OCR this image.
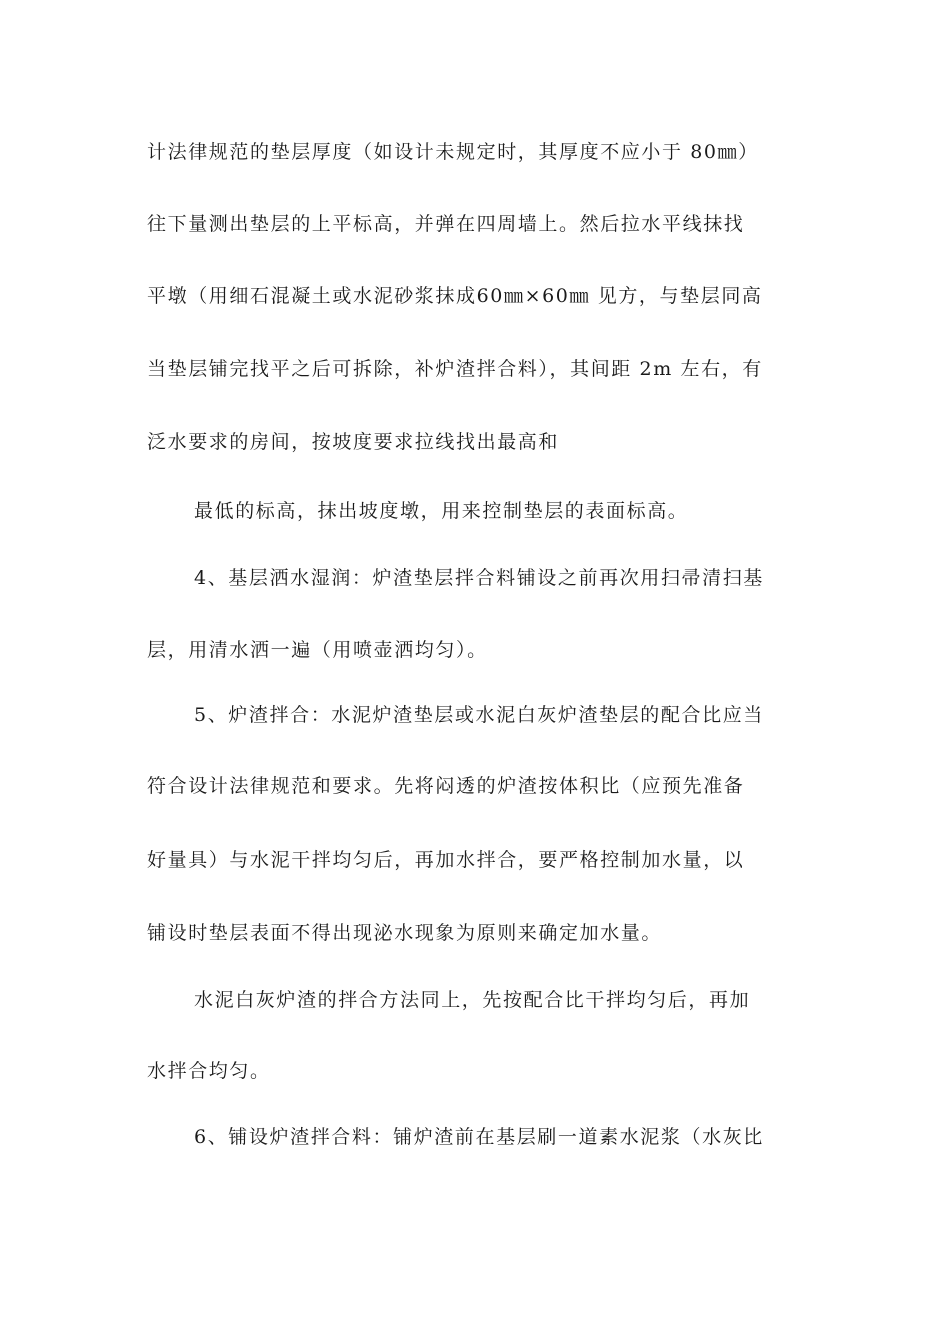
计法律规范的垫层厚度（如设计未规定时，其厚度不应小于 80㎜）
往下量测出垫层的上平标高，并弹在四周墙上。然后拉水平线抹找
平墩（用细石混凝土或水泥砂浆抹成60㎜×60㎜ 见方，与垫层同高
当垫层铺完找平之后可拆除，补炉渣拌合料），其间距 2m 左右，有
泛水要求的房间，按坡度要求拉线找出最高和
最低的标高，抹出坡度墩，用来控制垫层的表面标高。
4、基层洒水湿润：炉渣垫层拌合料铺设之前再次用扫帚清扫基
层，用清水洒一遍（用喷壶洒均匀）。
5、炉渣拌合：水泥炉渣垫层或水泥白灰炉渣垫层的配合比应当
符合设计法律规范和要求。先将闷透的炉渣按体积比（应预先准备
好量具）与水泥干拌均匀后，再加水拌合，要严格控制加水量，以
铺设时垫层表面不得出现泌水现象为原则来确定加水量。
水泥白灰炉渣的拌合方法同上，先按配合比干拌均匀后，再加
水拌合均匀。
6、铺设炉渣拌合料：铺炉渣前在基层刷一道素水泥浆（水灰比
